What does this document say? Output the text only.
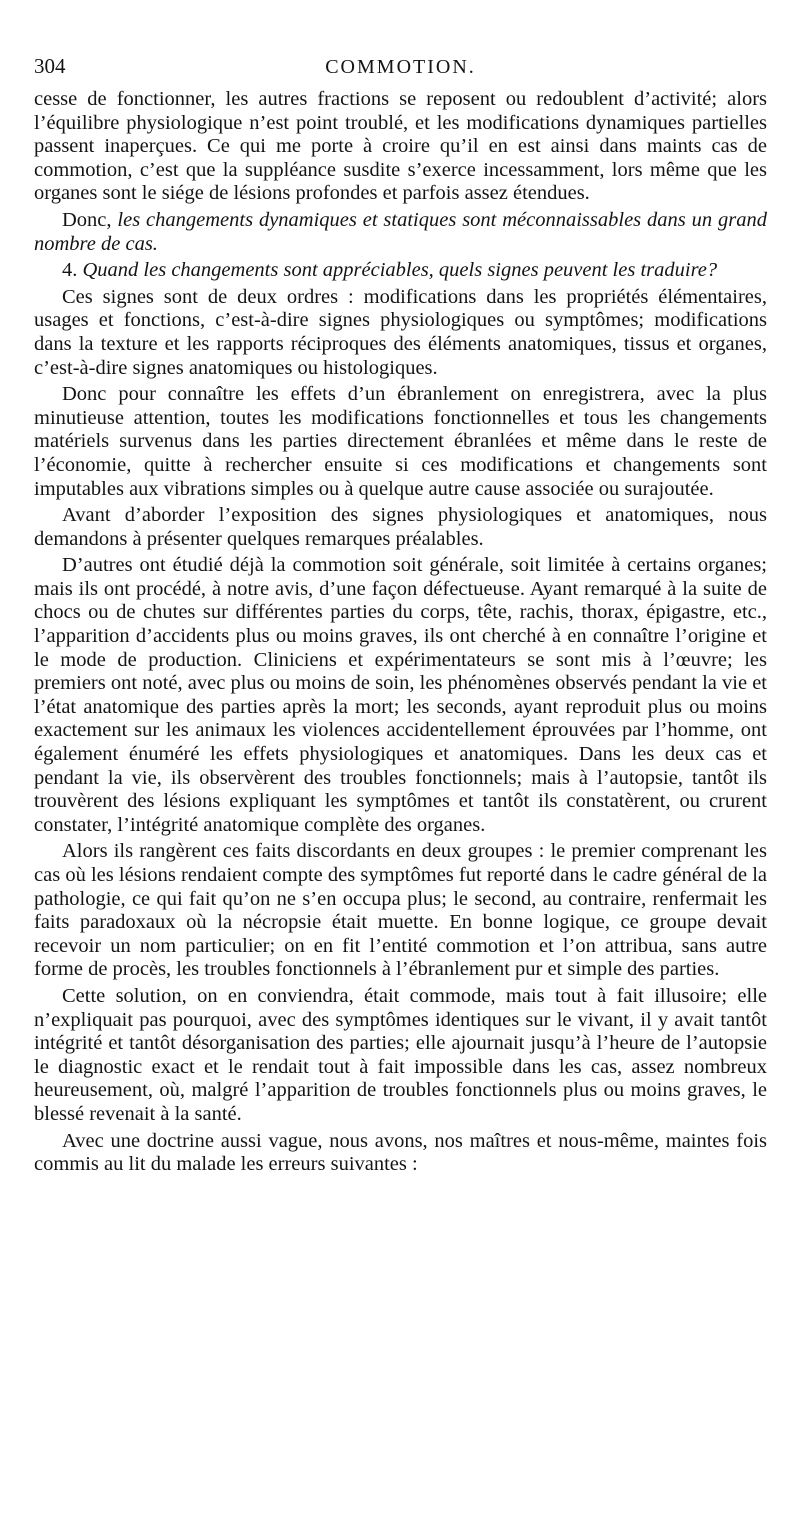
304	COMMOTION.

cesse de fonctionner, les autres fractions se reposent ou redoublent d’activité; alors l’équilibre physiologique n’est point troublé, et les modifications dynamiques partielles passent inaperçues. Ce qui me porte à croire qu’il en est ainsi dans maints cas de commotion, c’est que la suppléance susdite s’exerce incessamment, lors même que les organes sont le siége de lésions profondes et parfois assez étendues.

Donc, les changements dynamiques et statiques sont méconnaissables dans un grand nombre de cas.

4. Quand les changements sont appréciables, quels signes peuvent les traduire?

Ces signes sont de deux ordres : modifications dans les propriétés élémentaires, usages et fonctions, c’est-à-dire signes physiologiques ou symptômes; modifications dans la texture et les rapports réciproques des éléments anatomiques, tissus et organes, c’est-à-dire signes anatomiques ou histologiques.

Donc pour connaître les effets d’un ébranlement on enregistrera, avec la plus minutieuse attention, toutes les modifications fonctionnelles et tous les changements matériels survenus dans les parties directement ébranlées et même dans le reste de l’économie, quitte à rechercher ensuite si ces modifications et changements sont imputables aux vibrations simples ou à quelque autre cause associée ou surajoutée.

Avant d’aborder l’exposition des signes physiologiques et anatomiques, nous demandons à présenter quelques remarques préalables.

D’autres ont étudié déjà la commotion soit générale, soit limitée à certains organes; mais ils ont procédé, à notre avis, d’une façon défectueuse. Ayant remarqué à la suite de chocs ou de chutes sur différentes parties du corps, tête, rachis, thorax, épigastre, etc., l’apparition d’accidents plus ou moins graves, ils ont cherché à en connaître l’origine et le mode de production. Cliniciens et expérimentateurs se sont mis à l’œuvre; les premiers ont noté, avec plus ou moins de soin, les phénomènes observés pendant la vie et l’état anatomique des parties après la mort; les seconds, ayant reproduit plus ou moins exactement sur les animaux les violences accidentellement éprouvées par l’homme, ont également énuméré les effets physiologiques et anatomiques. Dans les deux cas et pendant la vie, ils observèrent des troubles fonctionnels; mais à l’autopsie, tantôt ils trouvèrent des lésions expliquant les symptômes et tantôt ils constatèrent, ou crurent constater, l’intégrité anatomique complète des organes.

Alors ils rangèrent ces faits discordants en deux groupes : le premier comprenant les cas où les lésions rendaient compte des symptômes fut reporté dans le cadre général de la pathologie, ce qui fait qu’on ne s’en occupa plus; le second, au contraire, renfermait les faits paradoxaux où la nécropsie était muette. En bonne logique, ce groupe devait recevoir un nom particulier; on en fit l’entité commotion et l’on attribua, sans autre forme de procès, les troubles fonctionnels à l’ébranlement pur et simple des parties.

Cette solution, on en conviendra, était commode, mais tout à fait illusoire; elle n’expliquait pas pourquoi, avec des symptômes identiques sur le vivant, il y avait tantôt intégrité et tantôt désorganisation des parties; elle ajournait jusqu’à l’heure de l’autopsie le diagnostic exact et le rendait tout à fait impossible dans les cas, assez nombreux heureusement, où, malgré l’apparition de troubles fonctionnels plus ou moins graves, le blessé revenait à la santé.

Avec une doctrine aussi vague, nous avons, nos maîtres et nous-même, maintes fois commis au lit du malade les erreurs suivantes :
